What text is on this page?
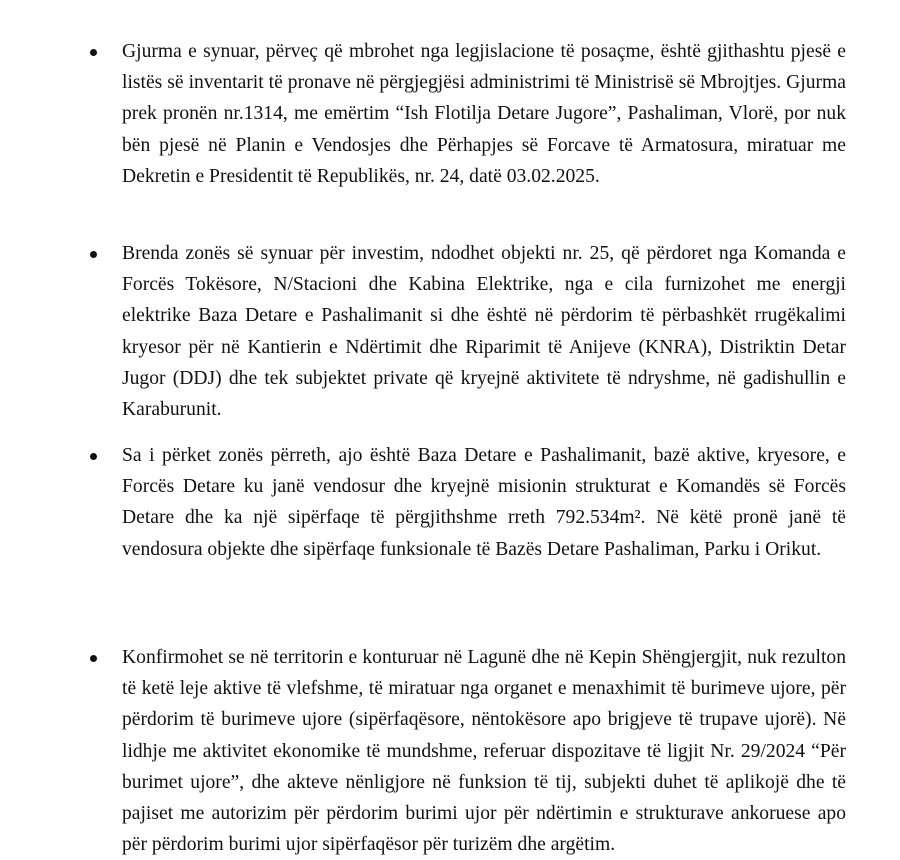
Gjurma e synuar, përveç që mbrohet nga legjislacione të posaçme, është gjithashtu pjesë e listës së inventarit të pronave në përgjegjësi administrimi të Ministrisë së Mbrojtjes. Gjurma prek pronën nr.1314, me emërtim “Ish Flotilja Detare Jugore”, Pashaliman, Vlorë, por nuk bën pjesë në Planin e Vendosjes dhe Përhapjes së Forcave të Armatosura, miratuar me Dekretin e Presidentit të Republikës, nr. 24, datë 03.02.2025.

Brenda zonës së synuar për investim, ndodhet objekti nr. 25, që përdoret nga Komanda e Forcës Tokësore, N/Stacioni dhe Kabina Elektrike, nga e cila furnizohet me energji elektrike Baza Detare e Pashalimanit si dhe është në përdorim të përbashkët rrugëkalimi kryesor për në Kantierin e Ndërtimit dhe Riparimit të Anijeve (KNRA), Distriktin Detar Jugor (DDJ) dhe tek subjektet private që kryejnë aktivitete të ndryshme, në gadishullin e Karaburunit.

Sa i përket zonës përreth, ajo është Baza Detare e Pashalimanit, bazë aktive, kryesore, e Forcës Detare ku janë vendosur dhe kryejnë misionin strukturat e Komandës së Forcës Detare dhe ka një sipërfaqe të përgjithshme rreth 792.534m². Në këtë pronë janë të vendosura objekte dhe sipërfaqe funksionale të Bazës Detare Pashaliman, Parku i Orikut.

Konfirmohet se në territorin e konturuar në Lagunë dhe në Kepin Shëngjergjit, nuk rezulton të ketë leje aktive të vlefshme, të miratuar nga organet e menaxhimit të burimeve ujore, për përdorim të burimeve ujore (sipërfaqësore, nëntokësore apo brigjeve të trupave ujorë). Në lidhje me aktivitet ekonomike të mundshme, referuar dispozitave të ligjit Nr. 29/2024 “Për burimet ujore”, dhe akteve nënligjore në funksion të tij, subjekti duhet të aplikojë dhe të pajiset me autorizim për përdorim burimi ujor për ndërtimin e strukturave ankoruese apo për përdorim burimi ujor sipërfaqësor për turizëm dhe argëtim.
